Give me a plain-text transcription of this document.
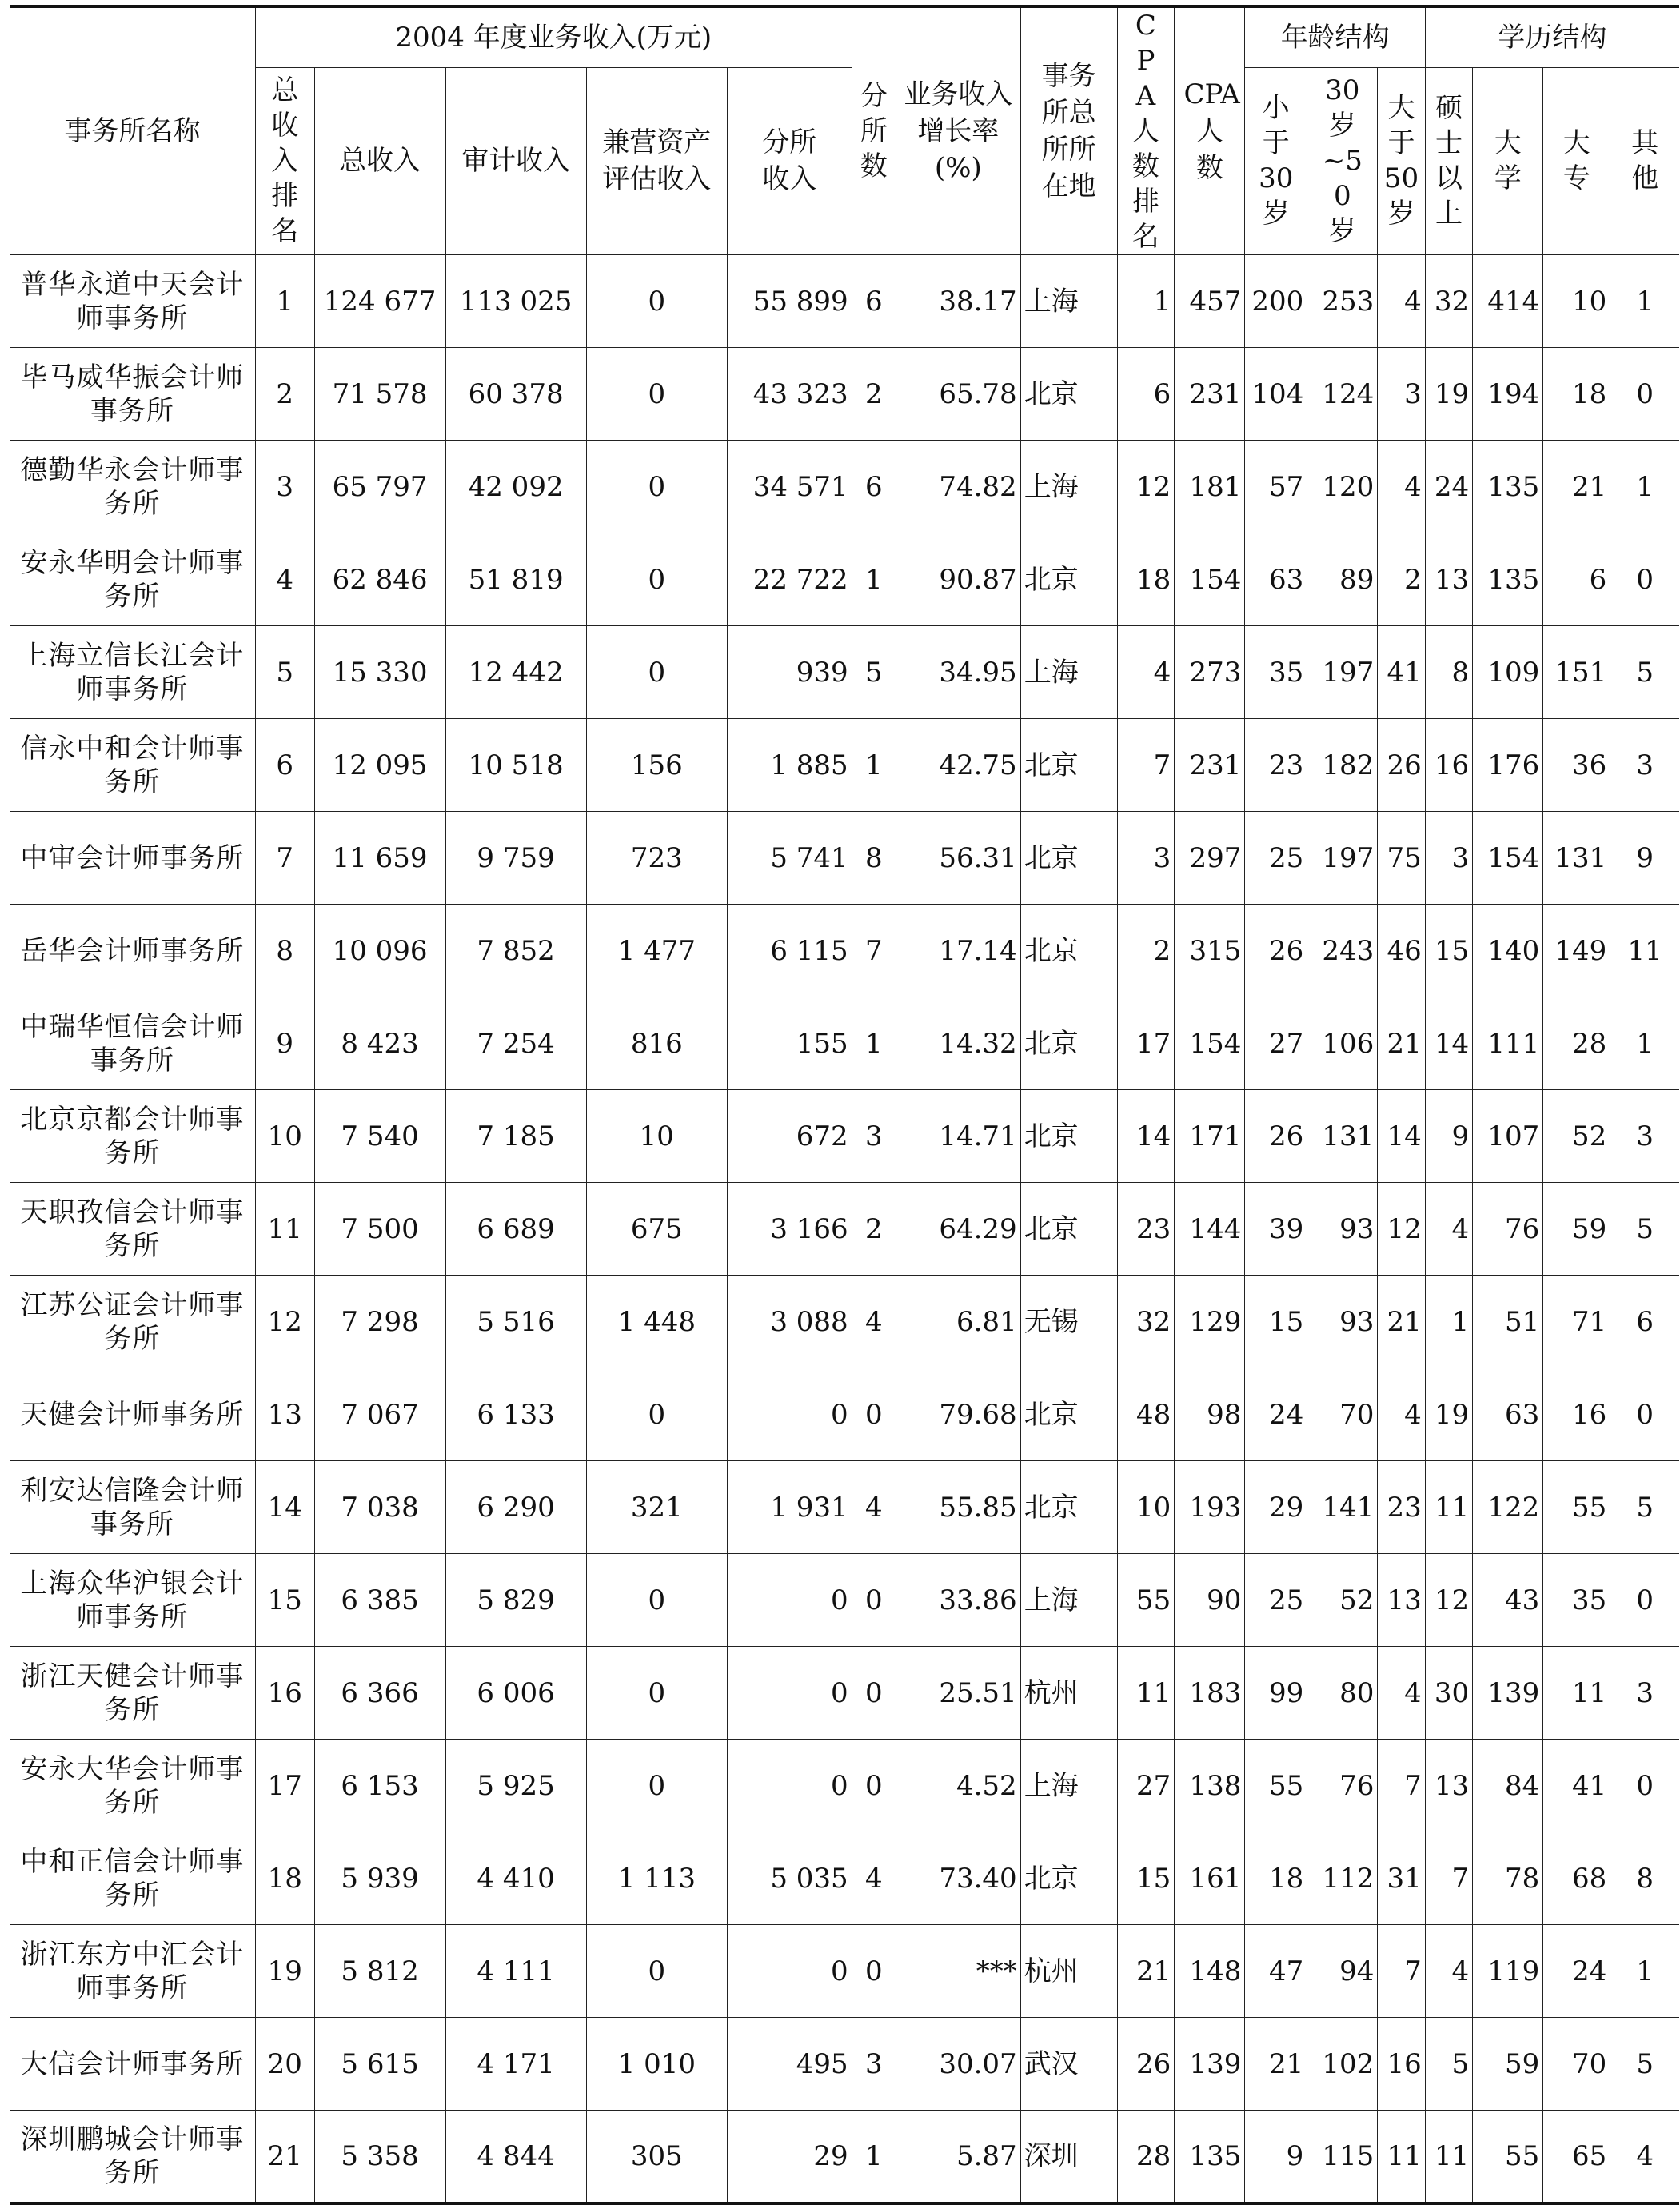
事务所名称	2004 年度业务收入(万元)					分所数	业务收入增长率(%)	事务所总所所在地	CPA人数排名	CPA人数	年龄结构			学历结构			
	总收入排名	总收入	审计收入	兼营资产评估收入	分所收入						小于30岁	30岁~50岁	大于50岁	硕士以上	大学	大专	其他
普华永道中天会计师事务所	1	124 677	113 025	0	55 899	6	38.17	上海	1	457	200	253	4	32	414	10	1
毕马威华振会计师事务所	2	71 578	60 378	0	43 323	2	65.78	北京	6	231	104	124	3	19	194	18	0
德勤华永会计师事务所	3	65 797	42 092	0	34 571	6	74.82	上海	12	181	57	120	4	24	135	21	1
安永华明会计师事务所	4	62 846	51 819	0	22 722	1	90.87	北京	18	154	63	89	2	13	135	6	0
上海立信长江会计师事务所	5	15 330	12 442	0	939	5	34.95	上海	4	273	35	197	41	8	109	151	5
信永中和会计师事务所	6	12 095	10 518	156	1 885	1	42.75	北京	7	231	23	182	26	16	176	36	3
中审会计师事务所	7	11 659	9 759	723	5 741	8	56.31	北京	3	297	25	197	75	3	154	131	9
岳华会计师事务所	8	10 096	7 852	1 477	6 115	7	17.14	北京	2	315	26	243	46	15	140	149	11
中瑞华恒信会计师事务所	9	8 423	7 254	816	155	1	14.32	北京	17	154	27	106	21	14	111	28	1
北京京都会计师事务所	10	7 540	7 185	10	672	3	14.71	北京	14	171	26	131	14	9	107	52	3
天职孜信会计师事务所	11	7 500	6 689	675	3 166	2	64.29	北京	23	144	39	93	12	4	76	59	5
江苏公证会计师事务所	12	7 298	5 516	1 448	3 088	4	6.81	无锡	32	129	15	93	21	1	51	71	6
天健会计师事务所	13	7 067	6 133	0	0	0	79.68	北京	48	98	24	70	4	19	63	16	0
利安达信隆会计师事务所	14	7 038	6 290	321	1 931	4	55.85	北京	10	193	29	141	23	11	122	55	5
上海众华沪银会计师事务所	15	6 385	5 829	0	0	0	33.86	上海	55	90	25	52	13	12	43	35	0
浙江天健会计师事务所	16	6 366	6 006	0	0	0	25.51	杭州	11	183	99	80	4	30	139	11	3
安永大华会计师事务所	17	6 153	5 925	0	0	0	4.52	上海	27	138	55	76	7	13	84	41	0
中和正信会计师事务所	18	5 939	4 410	1 113	5 035	4	73.40	北京	15	161	18	112	31	7	78	68	8
浙江东方中汇会计师事务所	19	5 812	4 111	0	0	0	***	杭州	21	148	47	94	7	4	119	24	1
大信会计师事务所	20	5 615	4 171	1 010	495	3	30.07	武汉	26	139	21	102	16	5	59	70	5
深圳鹏城会计师事务所	21	5 358	4 844	305	29	1	5.87	深圳	28	135	9	115	11	11	55	65	4
